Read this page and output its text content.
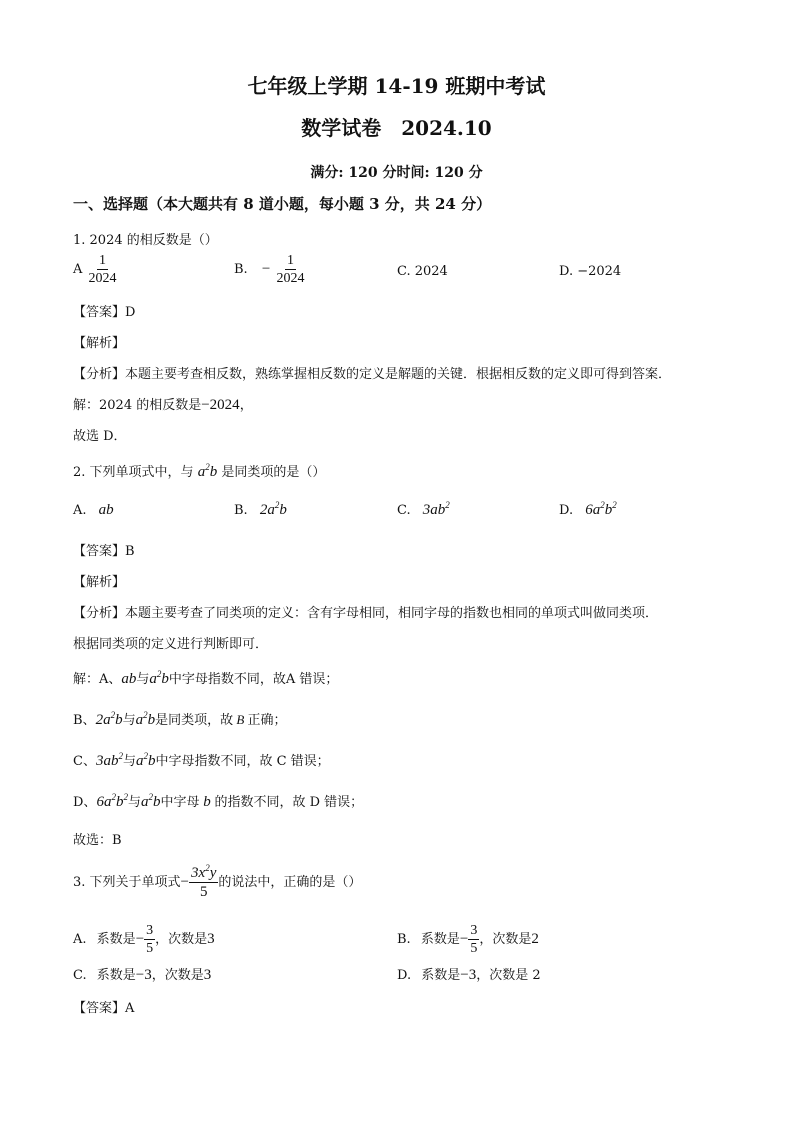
七年级上学期 14-19 班期中考试
数学试卷　2024.10
满分: 120 分时间: 120 分
一、选择题（本大题共有 8 道小题，每小题 3 分，共 24 分）
1. 2024 的相反数是（）
A $\frac{1}{2024}$	B. − $\frac{1}{2024}$	C. 2024	D. −2024
【答案】D
【解析】
【分析】本题主要考查相反数，熟练掌握相反数的定义是解题的关键．根据相反数的定义即可得到答案．
解：2024 的相反数是−2024，
故选 D．
2. 下列单项式中，与 $a^2b$ 是同类项的是（）
A. ab	B. $2a^2b$	C. $3ab^2$	D. $6a^2b^2$
【答案】B
【解析】
【分析】本题主要考查了同类项的定义：含有字母相同，相同字母的指数也相同的单项式叫做同类项．
根据同类项的定义进行判断即可．
解：A、ab与$a^2b$中字母指数不同，故A 错误；
B、$2a^2b$与$a^2b$是同类项，故 B 正确；
C、$3ab^2$与$a^2b$中字母指数不同，故 C 错误；
D、$6a^2b^2$与$a^2b$中字母 b 的指数不同，故 D 错误；
故选：B
3. 下列关于单项式− $\frac{3x^2y}{5}$ 的说法中，正确的是（）
A. 系数是− $\frac{3}{5}$ ，次数是3	B. 系数是− $\frac{3}{5}$ ，次数是2
C. 系数是−3，次数是3	D. 系数是−3，次数是 2
【答案】A
